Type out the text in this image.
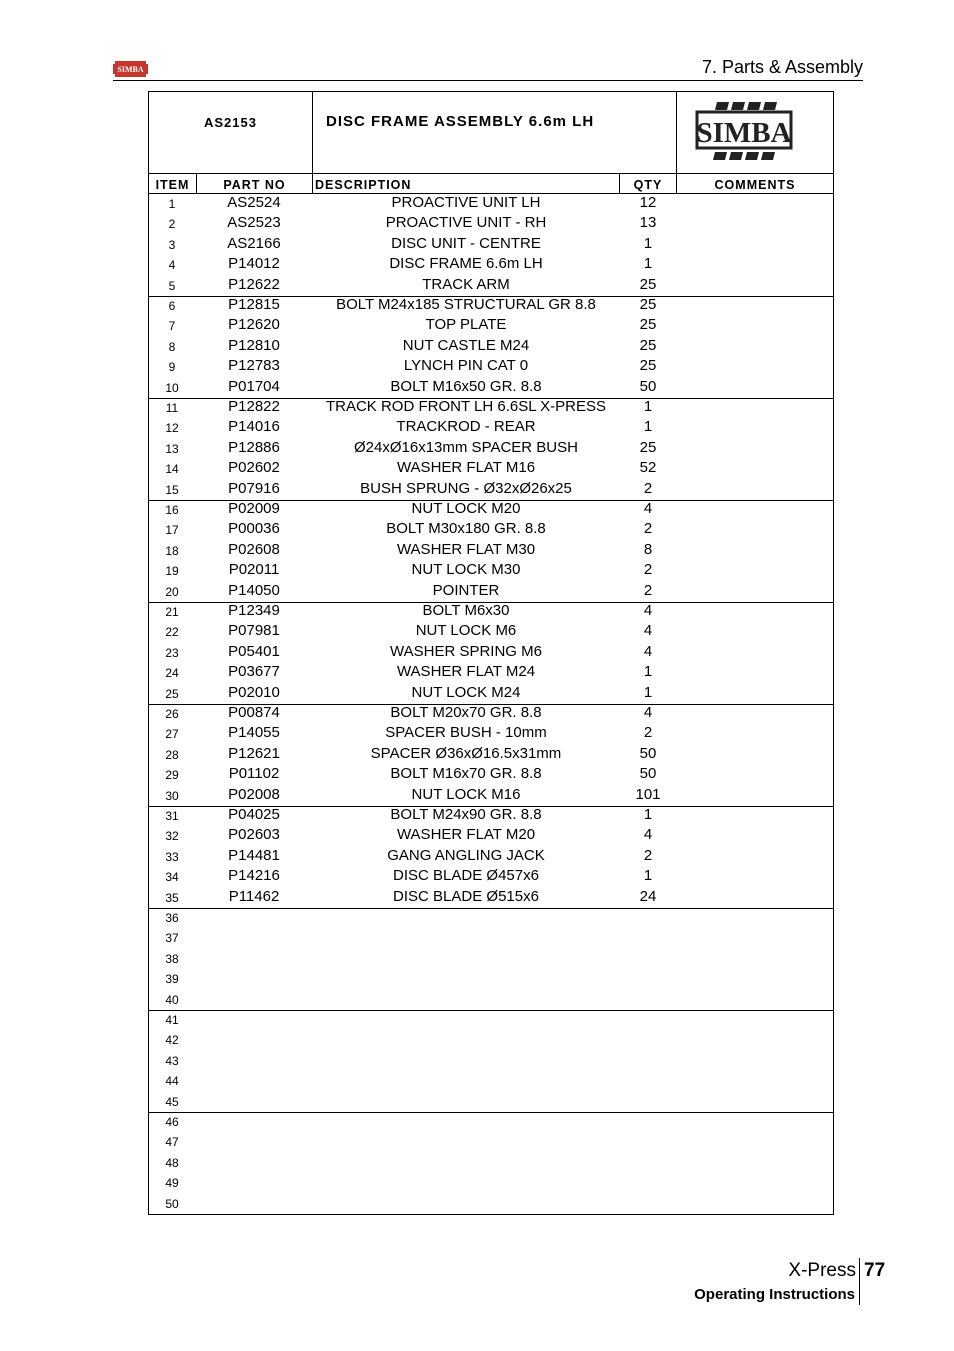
SIMBA	7. Parts & Assembly
AS2153	DISC FRAME ASSEMBLY 6.6m LH	SIMBA
ITEM	PART NO	DESCRIPTION	QTY	COMMENTS
1	AS2524	PROACTIVE UNIT LH	12
2	AS2523	PROACTIVE UNIT - RH	13
3	AS2166	DISC UNIT - CENTRE	1
4	P14012	DISC FRAME 6.6m LH	1
5	P12622	TRACK ARM	25
6	P12815	BOLT M24x185 STRUCTURAL GR 8.8	25
7	P12620	TOP PLATE	25
8	P12810	NUT CASTLE M24	25
9	P12783	LYNCH PIN CAT 0	25
10	P01704	BOLT M16x50 GR. 8.8	50
11	P12822	TRACK ROD FRONT LH 6.6SL X-PRESS	1
12	P14016	TRACKROD - REAR	1
13	P12886	Ø24xØ16x13mm SPACER BUSH	25
14	P02602	WASHER FLAT M16	52
15	P07916	BUSH SPRUNG - Ø32xØ26x25	2
16	P02009	NUT LOCK M20	4
17	P00036	BOLT M30x180 GR. 8.8	2
18	P02608	WASHER FLAT M30	8
19	P02011	NUT LOCK M30	2
20	P14050	POINTER	2
21	P12349	BOLT M6x30	4
22	P07981	NUT LOCK M6	4
23	P05401	WASHER SPRING M6	4
24	P03677	WASHER FLAT M24	1
25	P02010	NUT LOCK M24	1
26	P00874	BOLT M20x70 GR. 8.8	4
27	P14055	SPACER BUSH - 10mm	2
28	P12621	SPACER Ø36xØ16.5x31mm	50
29	P01102	BOLT M16x70 GR. 8.8	50
30	P02008	NUT LOCK M16	101
31	P04025	BOLT M24x90 GR. 8.8	1
32	P02603	WASHER FLAT M20	4
33	P14481	GANG ANGLING JACK	2
34	P14216	DISC BLADE Ø457x6	1
35	P11462	DISC BLADE Ø515x6	24
36
37
38
39
40
41
42
43
44
45
46
47
48
49
50
X-Press 77
Operating Instructions
